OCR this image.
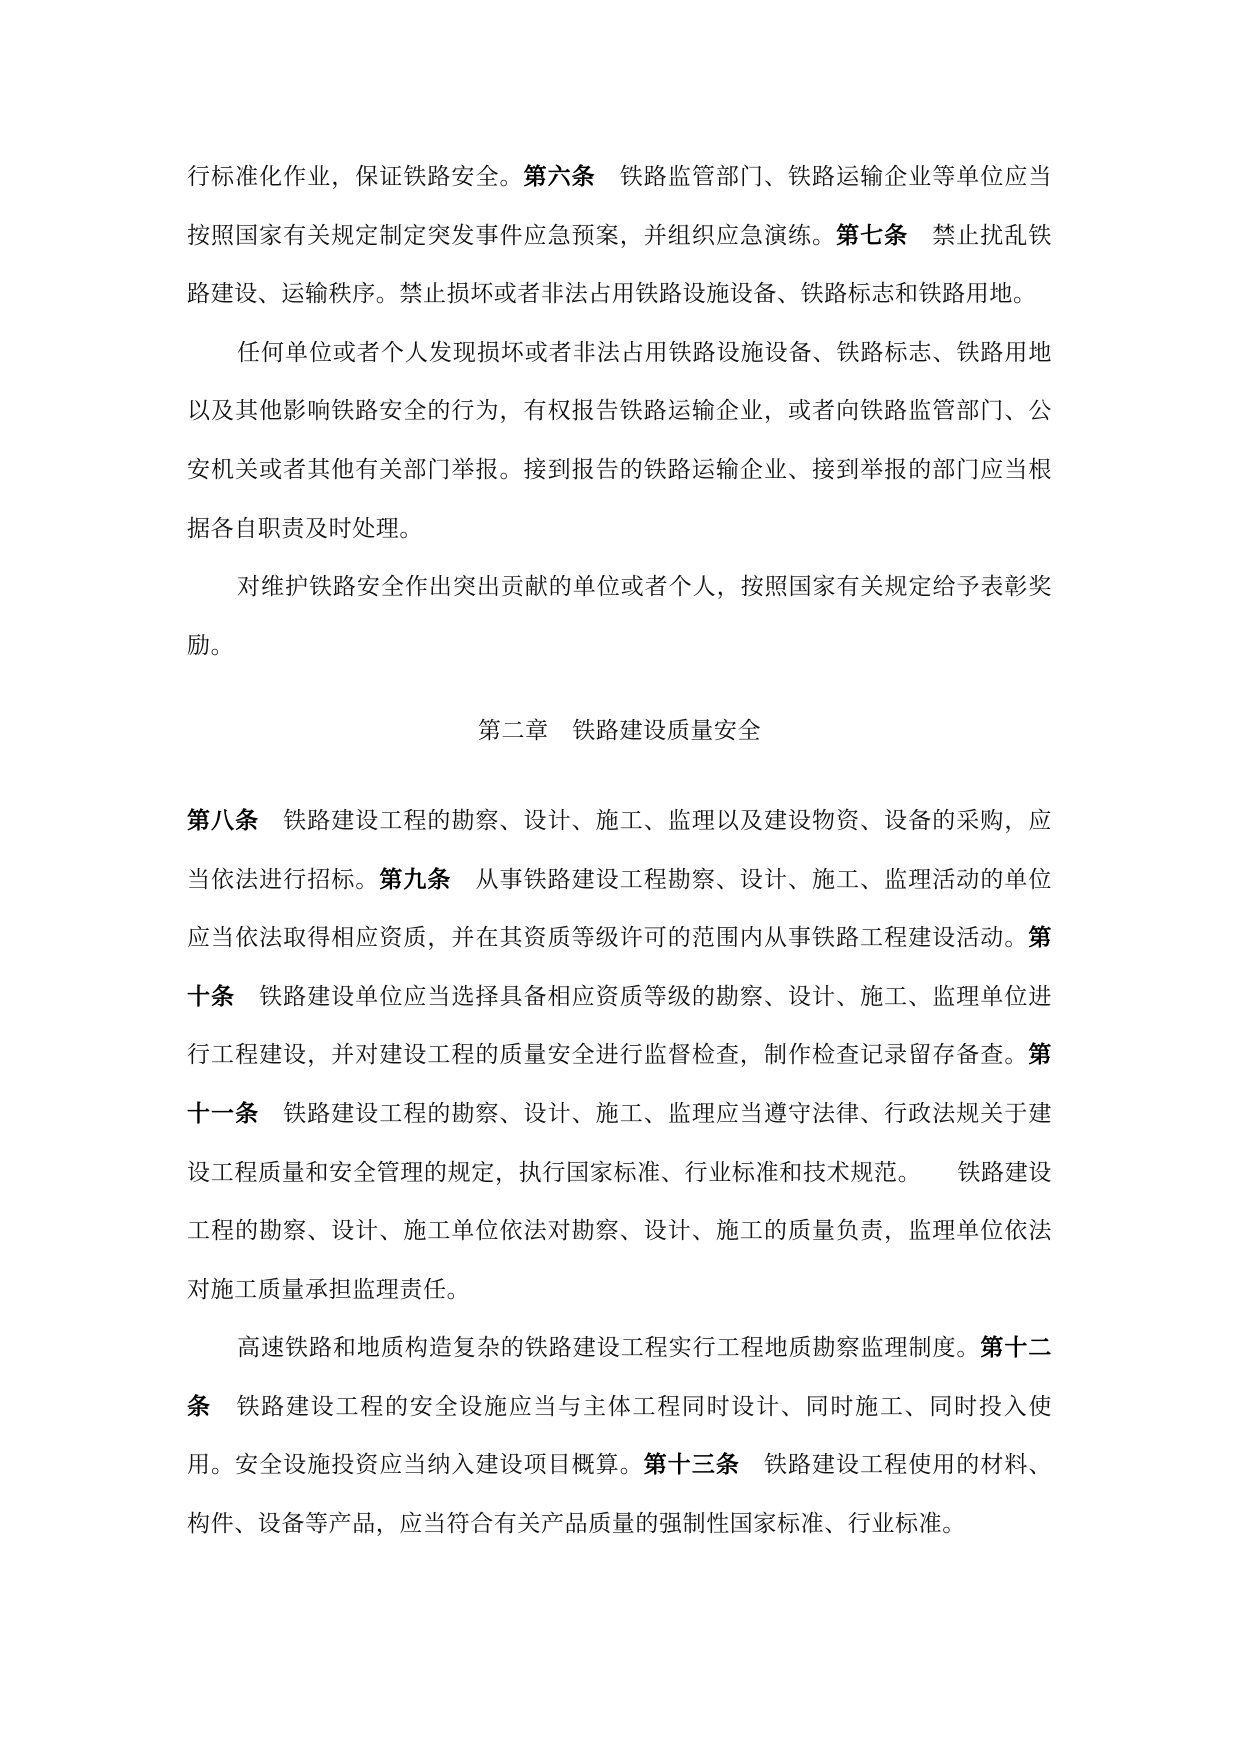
行标准化作业，保证铁路安全。第六条　铁路监管部门、铁路运输企业等单位应当按照国家有关规定制定突发事件应急预案，并组织应急演练。第七条　禁止扰乱铁路建设、运输秩序。禁止损坏或者非法占用铁路设施设备、铁路标志和铁路用地。

任何单位或者个人发现损坏或者非法占用铁路设施设备、铁路标志、铁路用地以及其他影响铁路安全的行为，有权报告铁路运输企业，或者向铁路监管部门、公安机关或者其他有关部门举报。接到报告的铁路运输企业、接到举报的部门应当根据各自职责及时处理。

对维护铁路安全作出突出贡献的单位或者个人，按照国家有关规定给予表彰奖励。

第二章　铁路建设质量安全

第八条　铁路建设工程的勘察、设计、施工、监理以及建设物资、设备的采购，应当依法进行招标。第九条　从事铁路建设工程勘察、设计、施工、监理活动的单位应当依法取得相应资质，并在其资质等级许可的范围内从事铁路工程建设活动。第十条　铁路建设单位应当选择具备相应资质等级的勘察、设计、施工、监理单位进行工程建设，并对建设工程的质量安全进行监督检查，制作检查记录留存备查。第十一条　铁路建设工程的勘察、设计、施工、监理应当遵守法律、行政法规关于建设工程质量和安全管理的规定，执行国家标准、行业标准和技术规范。　　铁路建设工程的勘察、设计、施工单位依法对勘察、设计、施工的质量负责，监理单位依法对施工质量承担监理责任。

高速铁路和地质构造复杂的铁路建设工程实行工程地质勘察监理制度。第十二条　铁路建设工程的安全设施应当与主体工程同时设计、同时施工、同时投入使用。安全设施投资应当纳入建设项目概算。第十三条　铁路建设工程使用的材料、构件、设备等产品，应当符合有关产品质量的强制性国家标准、行业标准。
